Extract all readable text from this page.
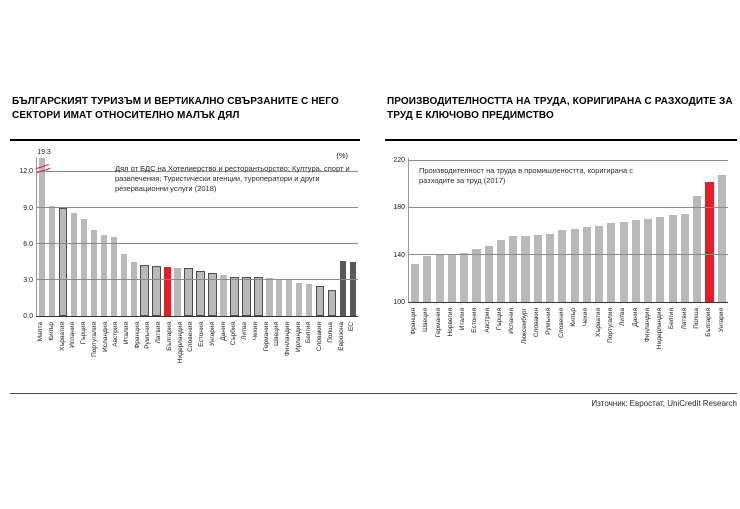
БЪЛГАРСКИЯТ ТУРИЗЪМ И ВЕРТИКАЛНО СВЪРЗАНИТЕ С НЕГО СЕКТОРИ ИМАТ ОТНОСИТЕЛНО МАЛЪК ДЯЛ
(%)
0.0
3.0
6.0
9.0
12.0	Дял от БДС на Хотелиерство и ресторантьорство; Култура, спорт и развлечения; Туристически агенции, туроператори и други резервационни услуги (2018)
19.3
Малта Кипър Хърватия Испания Гърция Португалия Исландия Австрия Италия Франция Румъния Латвия България Нидерландия Словения Естония Унгария Дания Сърбия Литва Чехия Германия Швеция Финландия Ирландия Белгия Словакия Полша Еврозона ЕС
ПРОИЗВОДИТЕЛНОСТТА НА ТРУДА, КОРИГИРАНА С РАЗХОДИТЕ ЗА ТРУД Е КЛЮЧОВО ПРЕДИМСТВО
100
140
180
220
Производителност на труда в промишлеността, коригирана с разходите за труд (2017)
Франция Швеция Германия Норвегия Италия Естония Австрия Гърция Испания Люксембург Словакия Румъния Словения Кипър Чехия Хърватия Португалия Литва Дания Финландия Нидерландия Белгия Латвия Полша България Унгария
Източник: Евростат, UniCredit Research
